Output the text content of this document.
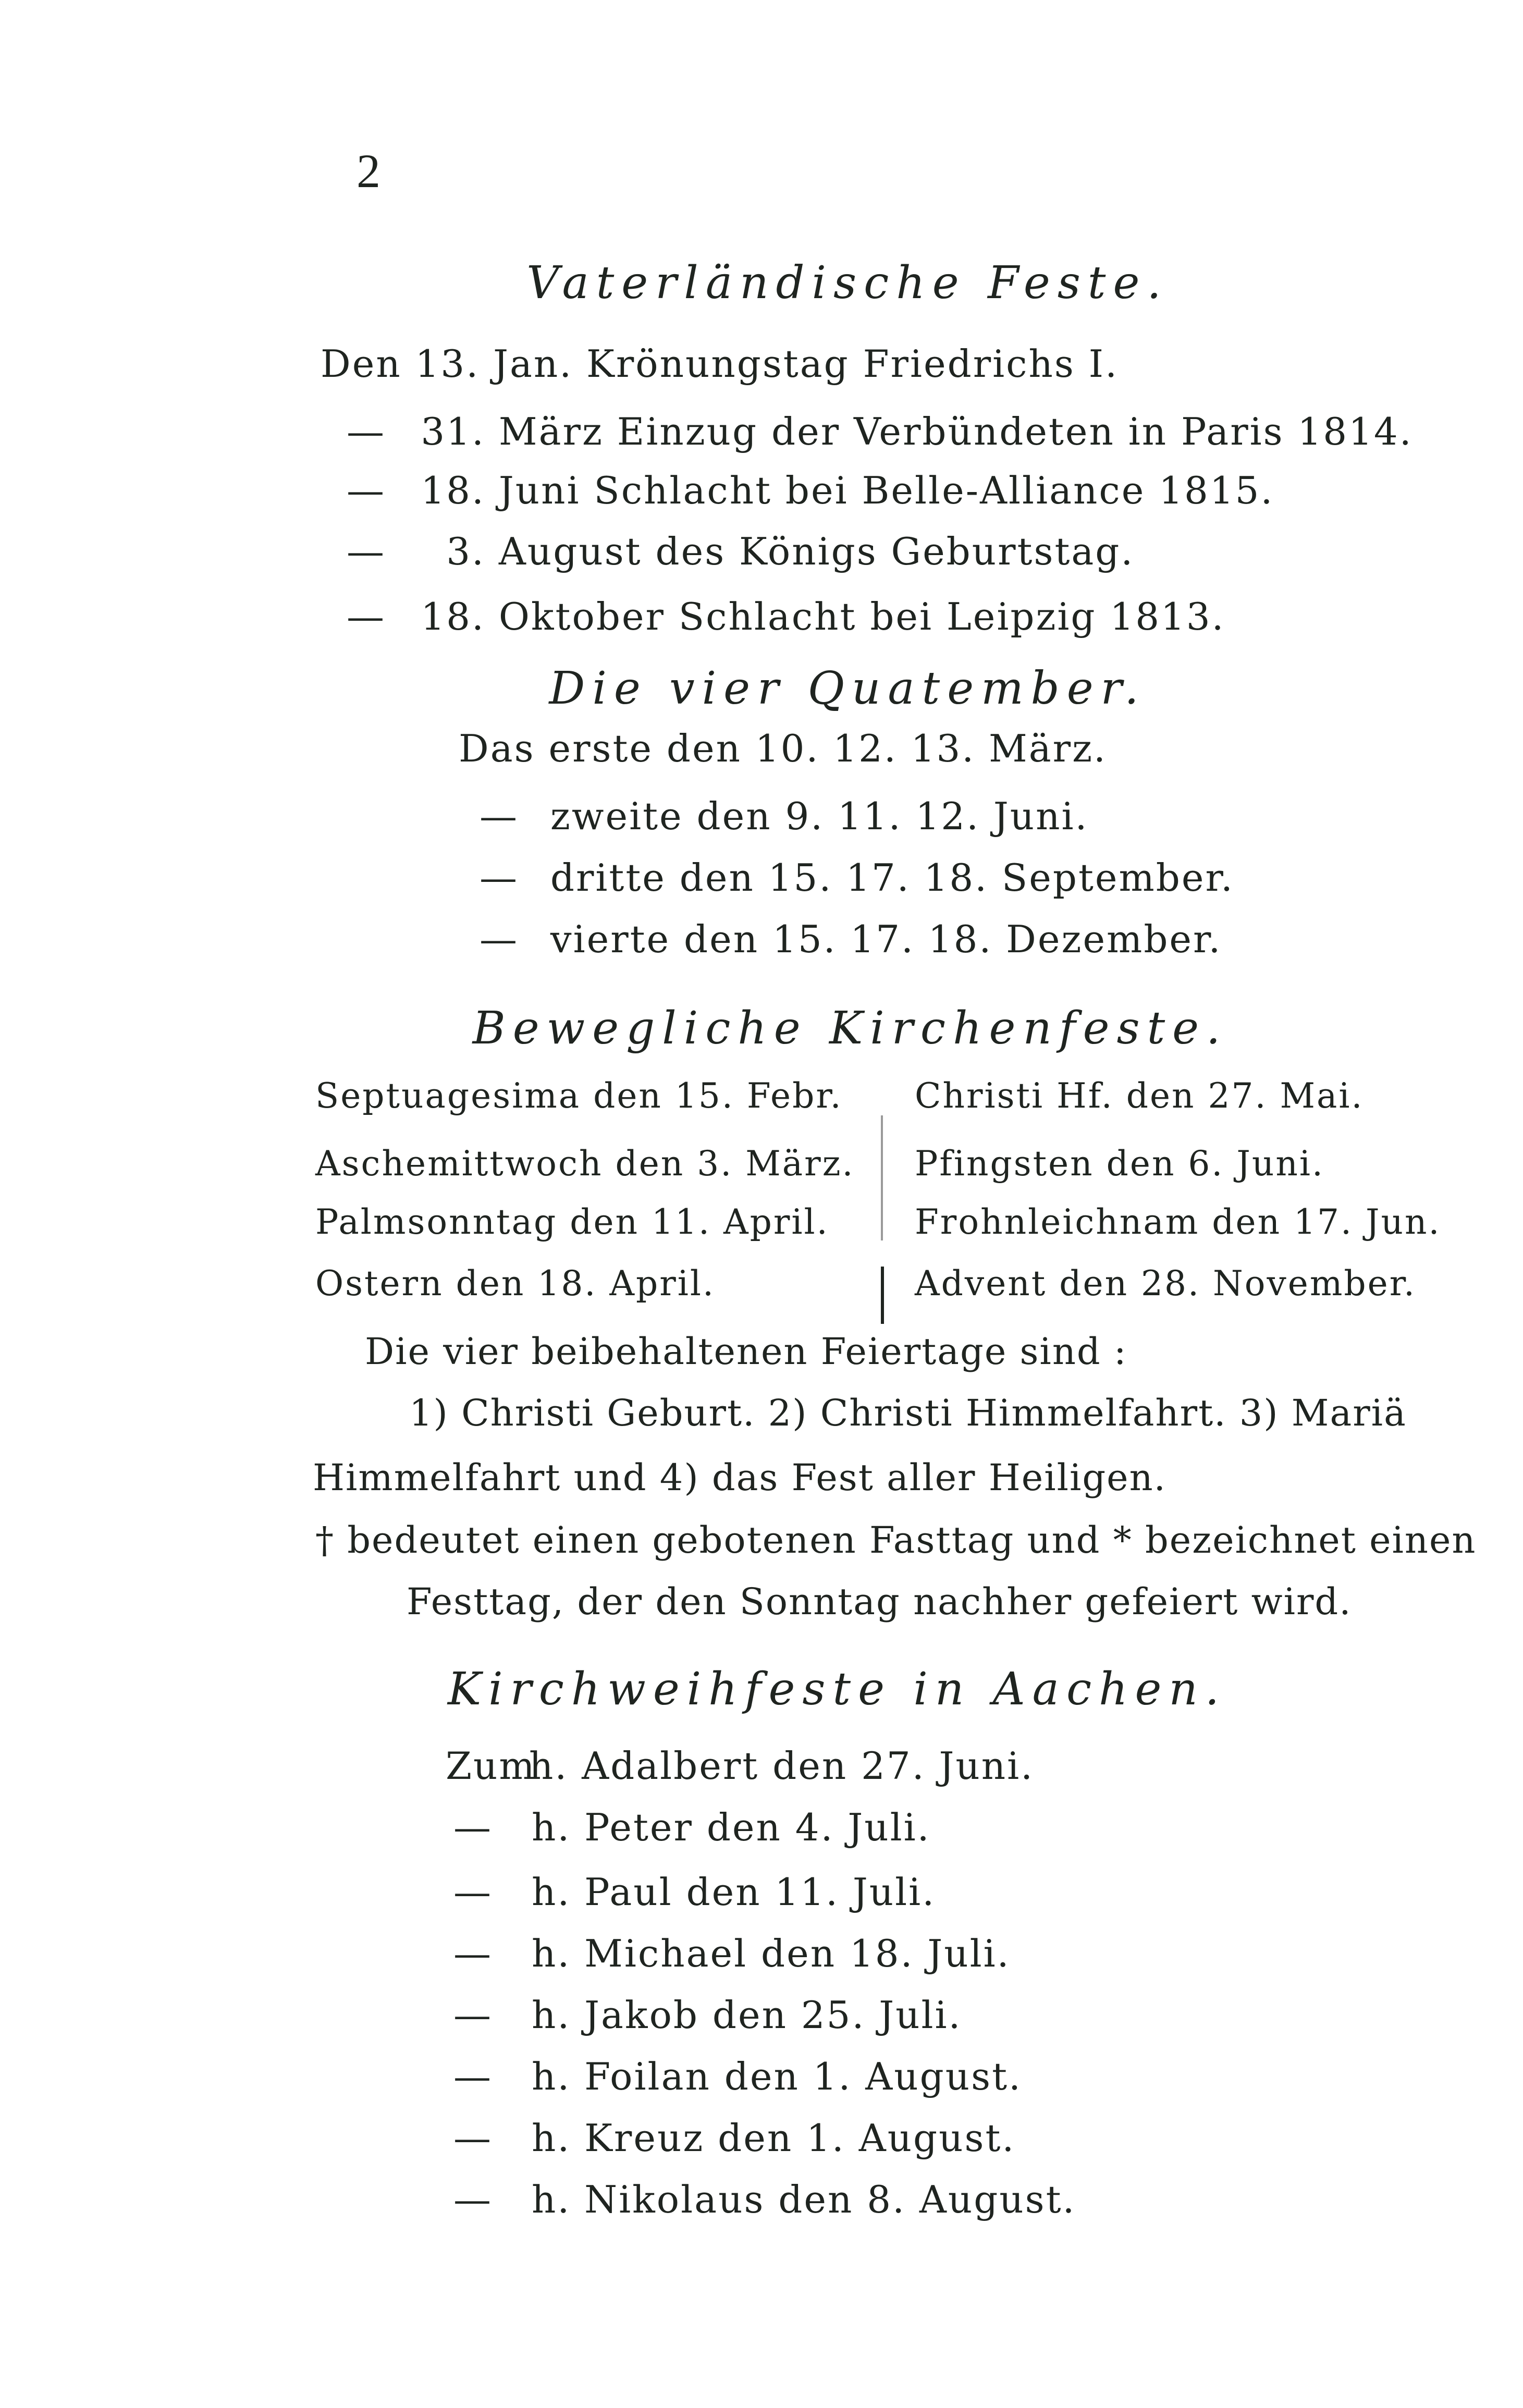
2
Vaterländische Feste.
Den 13. Jan. Krönungstag Friedrichs I.
— 31. März Einzug der Verbündeten in Paris 1814.
— 18. Juni Schlacht bei Belle-Alliance 1815.
— 3. August des Königs Geburtstag.
— 18. Oktober Schlacht bei Leipzig 1813.
Die vier Quatember.
Das erste den 10. 12. 13. März.
— zweite den 9. 11. 12. Juni.
— dritte den 15. 17. 18. September.
— vierte den 15. 17. 18. Dezember.
Bewegliche Kirchenfeste.
Septuagesima den 15. Febr.
Aschemittwoch den 3. März.
Palmsonntag den 11. April.
Ostern den 18. April.
Christi Hf. den 27. Mai.
Pfingsten den 6. Juni.
Frohnleichnam den 17. Jun.
Advent den 28. November.
Die vier beibehaltenen Feiertage sind :
1) Christi Geburt. 2) Christi Himmelfahrt. 3) Mariä
Himmelfahrt und 4) das Fest aller Heiligen.
† bedeutet einen gebotenen Fasttag und * bezeichnet einen
Festtag, der den Sonntag nachher gefeiert wird.
Kirchweihfeste in Aachen.
Zumh. Adalbert den 27. Juni.
— h. Peter den 4. Juli.
— h. Paul den 11. Juli.
— h. Michael den 18. Juli.
— h. Jakob den 25. Juli.
— h. Foilan den 1. August.
— h. Kreuz den 1. August.
— h. Nikolaus den 8. August.
